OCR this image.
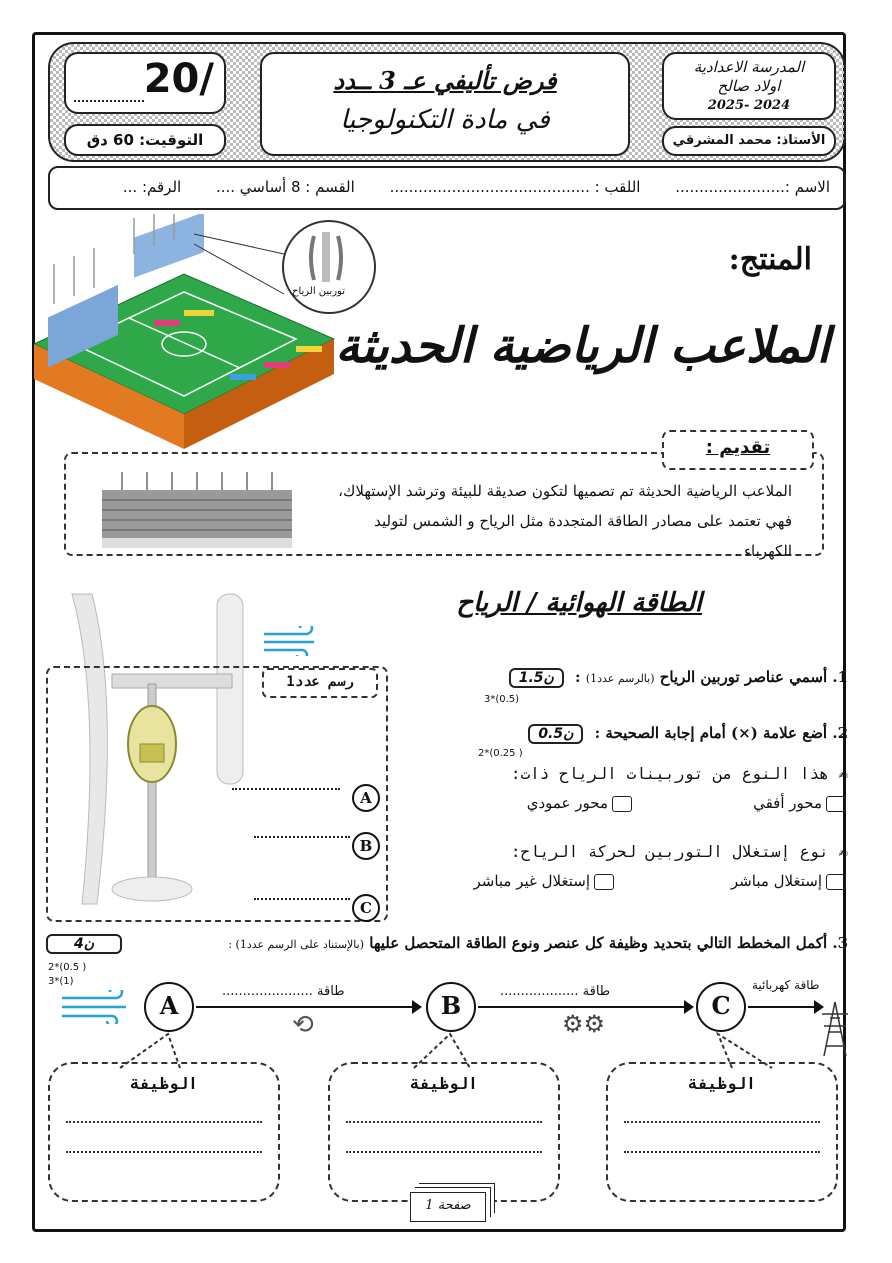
20/
التوقيت: 60 دق
فرض تأليفي عـ 3 ــدد
في مادة التكنولوجيا
المدرسة الاعدادية
اولاد صالح
2024 -2025
الأستاذ: محمد المشرقي
الاسم :....................... اللقب : .......................................... القسم : 8 أساسي .... الرقم: ...
توربين الرياح
المنتج:
الملاعب الرياضية الحديثة

الملاعب الرياضية الحديثة تم تصميها لتكون صديقة للبيئة وترشد الإستهلاك،
فهي تعتمد على مصادر الطاقة المتجددة مثل الرياح و الشمس لتوليد الكهرباء .

تقديم :
الطاقة الهوائية / الرياح
رسم عدد1
A
B
C
1. أسمي عناصر توربين الرياح (بالرسم عدد1) : 1.5ن
3*(0.5)
2. أضع علامة (×) أمام إجابة الصحيحة : 0.5ن
2*(0.25 )
✍ هذا النوع من توربينات الرياح ذات:
محور أفقي
محور عمودي
✍ نوع إستغلال التوربين لحركة الرياح:
إستغلال مباشر
إستغلال غير مباشر
3. أكمل المخطط التالي بتحديد وظيفة كل عنصر ونوع الطاقة المتحصل عليها (بالإستناد على الرسم عدد1) :
4ن
2*(0.5 )
3*(1)
A	طاقة ......................
⟲
B	طاقة ...................
⚙⚙
C
طاقة كهربائية
الوظيفة	الوظيفة	الوظيفة
صفحة 1
